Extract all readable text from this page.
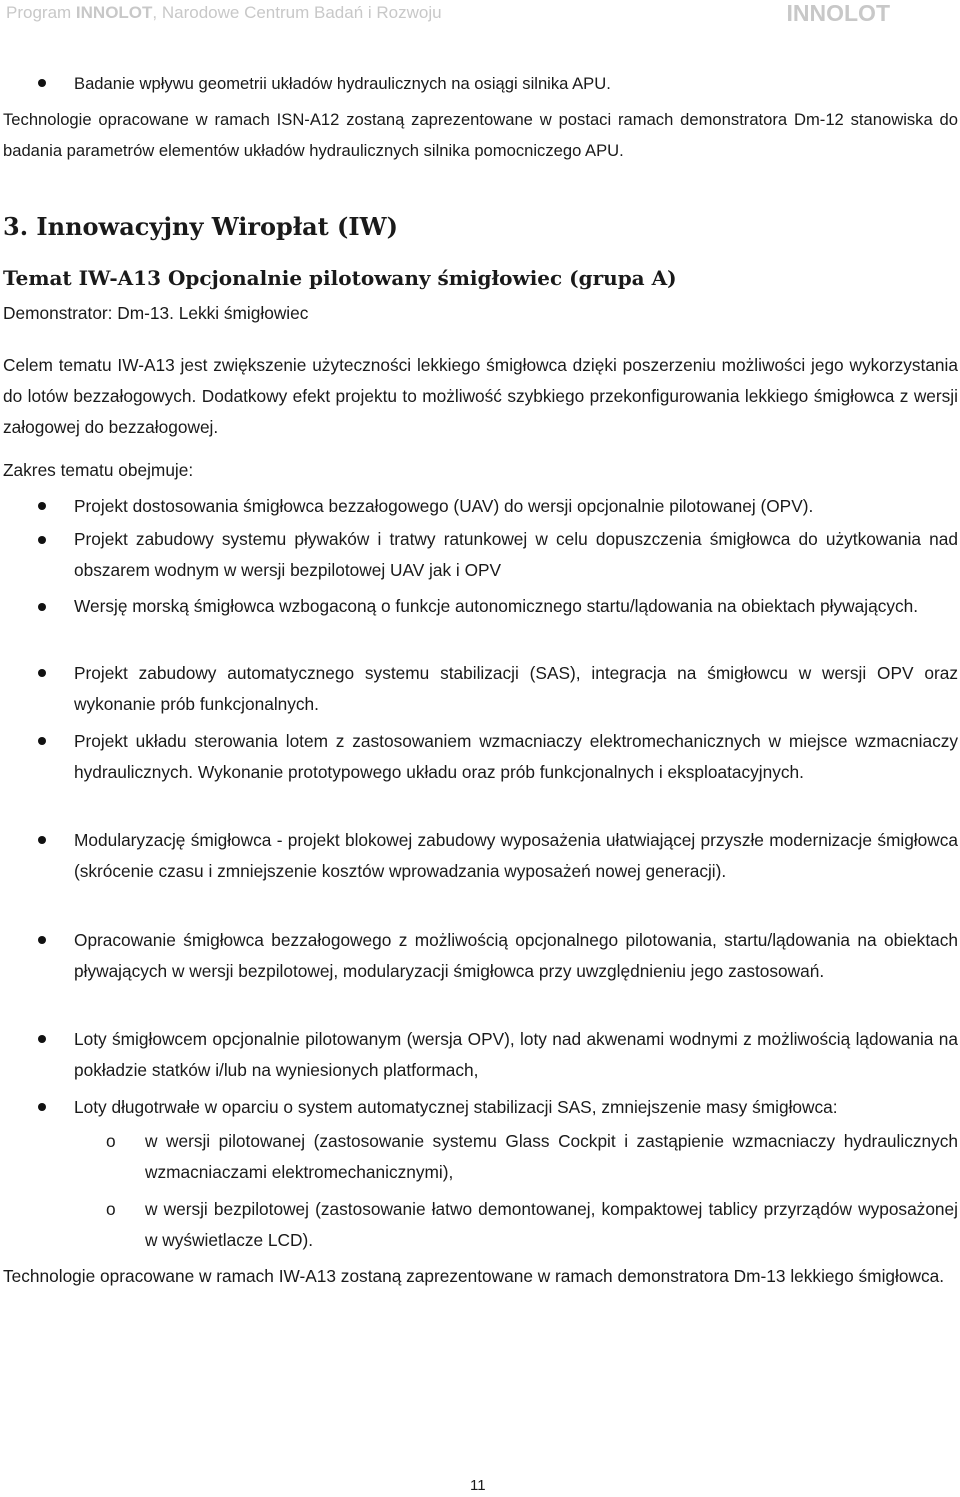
Program INNOLOT, Narodowe Centrum Badań i Rozwoju	INNOLOT
Badanie wpływu geometrii układów hydraulicznych na osiągi silnika APU.
Technologie opracowane w ramach ISN-A12 zostaną zaprezentowane w postaci ramach demonstratora Dm-12 stanowiska do badania parametrów elementów układów hydraulicznych silnika pomocniczego APU.
3. Innowacyjny Wiropłat (IW)
Temat IW-A13 Opcjonalnie pilotowany śmigłowiec (grupa A)
Demonstrator: Dm-13. Lekki śmigłowiec
Celem tematu IW-A13 jest zwiększenie użyteczności lekkiego śmigłowca dzięki poszerzeniu możliwości jego wykorzystania do lotów bezzałogowych. Dodatkowy efekt projektu to możliwość szybkiego przekonfigurowania lekkiego śmigłowca z wersji załogowej do bezzałogowej.
Zakres tematu obejmuje:
Projekt dostosowania śmigłowca bezzałogowego (UAV) do wersji opcjonalnie pilotowanej (OPV).
Projekt zabudowy systemu pływaków i tratwy ratunkowej w celu dopuszczenia śmigłowca do użytkowania nad obszarem wodnym w wersji bezpilotowej UAV jak i OPV
Wersję morską śmigłowca wzbogaconą o funkcje autonomicznego startu/lądowania na obiektach pływających.
Projekt zabudowy automatycznego systemu stabilizacji (SAS), integracja na śmigłowcu w wersji OPV oraz wykonanie prób funkcjonalnych.
Projekt układu sterowania lotem z zastosowaniem wzmacniaczy elektromechanicznych w miejsce wzmacniaczy hydraulicznych. Wykonanie prototypowego układu oraz prób funkcjonalnych i eksploatacyjnych.
Modularyzację śmigłowca - projekt blokowej zabudowy wyposażenia ułatwiającej przyszłe modernizacje śmigłowca (skrócenie czasu i zmniejszenie kosztów wprowadzania wyposażeń nowej generacji).
Opracowanie śmigłowca bezzałogowego z możliwością opcjonalnego pilotowania, startu/lądowania na obiektach pływających w wersji bezpilotowej, modularyzacji śmigłowca przy uwzględnieniu jego zastosowań.
Loty śmigłowcem opcjonalnie pilotowanym (wersja OPV), loty nad akwenami wodnymi z możliwością lądowania na pokładzie statków i/lub na wyniesionych platformach,
Loty długotrwałe w oparciu o system automatycznej stabilizacji SAS, zmniejszenie masy śmigłowca:
o w wersji pilotowanej (zastosowanie systemu Glass Cockpit i zastąpienie wzmacniaczy hydraulicznych wzmacniaczami elektromechanicznymi),
o w wersji bezpilotowej (zastosowanie łatwo demontowanej, kompaktowej tablicy przyrządów wyposażonej w wyświetlacze LCD).
Technologie opracowane w ramach IW-A13 zostaną zaprezentowane w ramach demonstratora Dm-13 lekkiego śmigłowca.
11
